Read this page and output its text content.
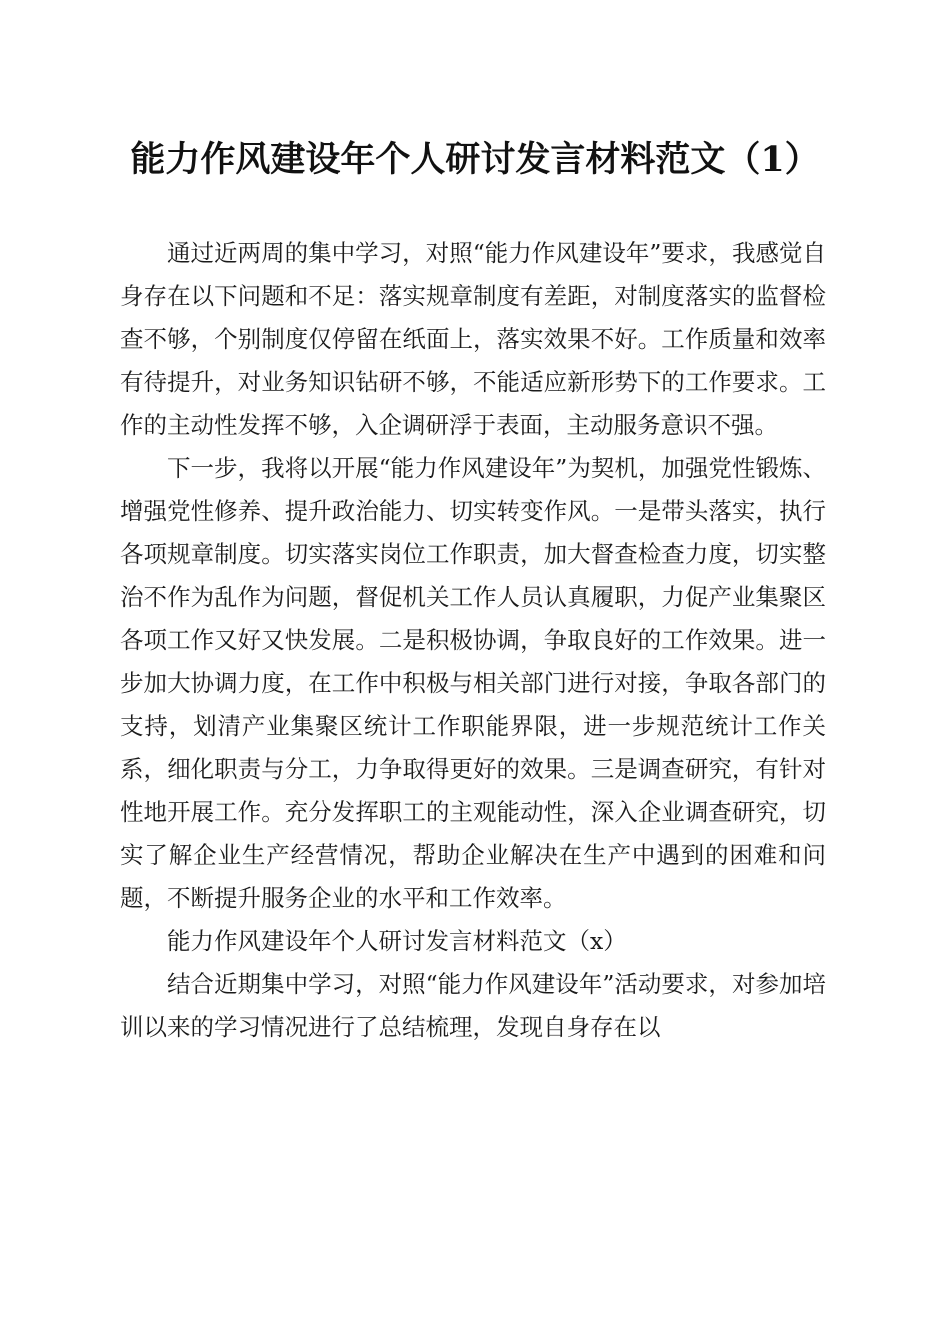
能力作风建设年个人研讨发言材料范文（1）

通过近两周的集中学习，对照“能力作风建设年”要求，我感觉自身存在以下问题和不足：落实规章制度有差距，对制度落实的监督检查不够，个别制度仅停留在纸面上，落实效果不好。工作质量和效率有待提升，对业务知识钻研不够，不能适应新形势下的工作要求。工作的主动性发挥不够，入企调研浮于表面，主动服务意识不强。

下一步，我将以开展“能力作风建设年”为契机，加强党性锻炼、增强党性修养、提升政治能力、切实转变作风。一是带头落实，执行各项规章制度。切实落实岗位工作职责，加大督查检查力度，切实整治不作为乱作为问题，督促机关工作人员认真履职，力促产业集聚区各项工作又好又快发展。二是积极协调，争取良好的工作效果。进一步加大协调力度，在工作中积极与相关部门进行对接，争取各部门的支持，划清产业集聚区统计工作职能界限，进一步规范统计工作关系，细化职责与分工，力争取得更好的效果。三是调查研究，有针对性地开展工作。充分发挥职工的主观能动性，深入企业调查研究，切实了解企业生产经营情况，帮助企业解决在生产中遇到的困难和问题，不断提升服务企业的水平和工作效率。

能力作风建设年个人研讨发言材料范文（x）

结合近期集中学习，对照“能力作风建设年”活动要求，对参加培训以来的学习情况进行了总结梳理，发现自身存在以
